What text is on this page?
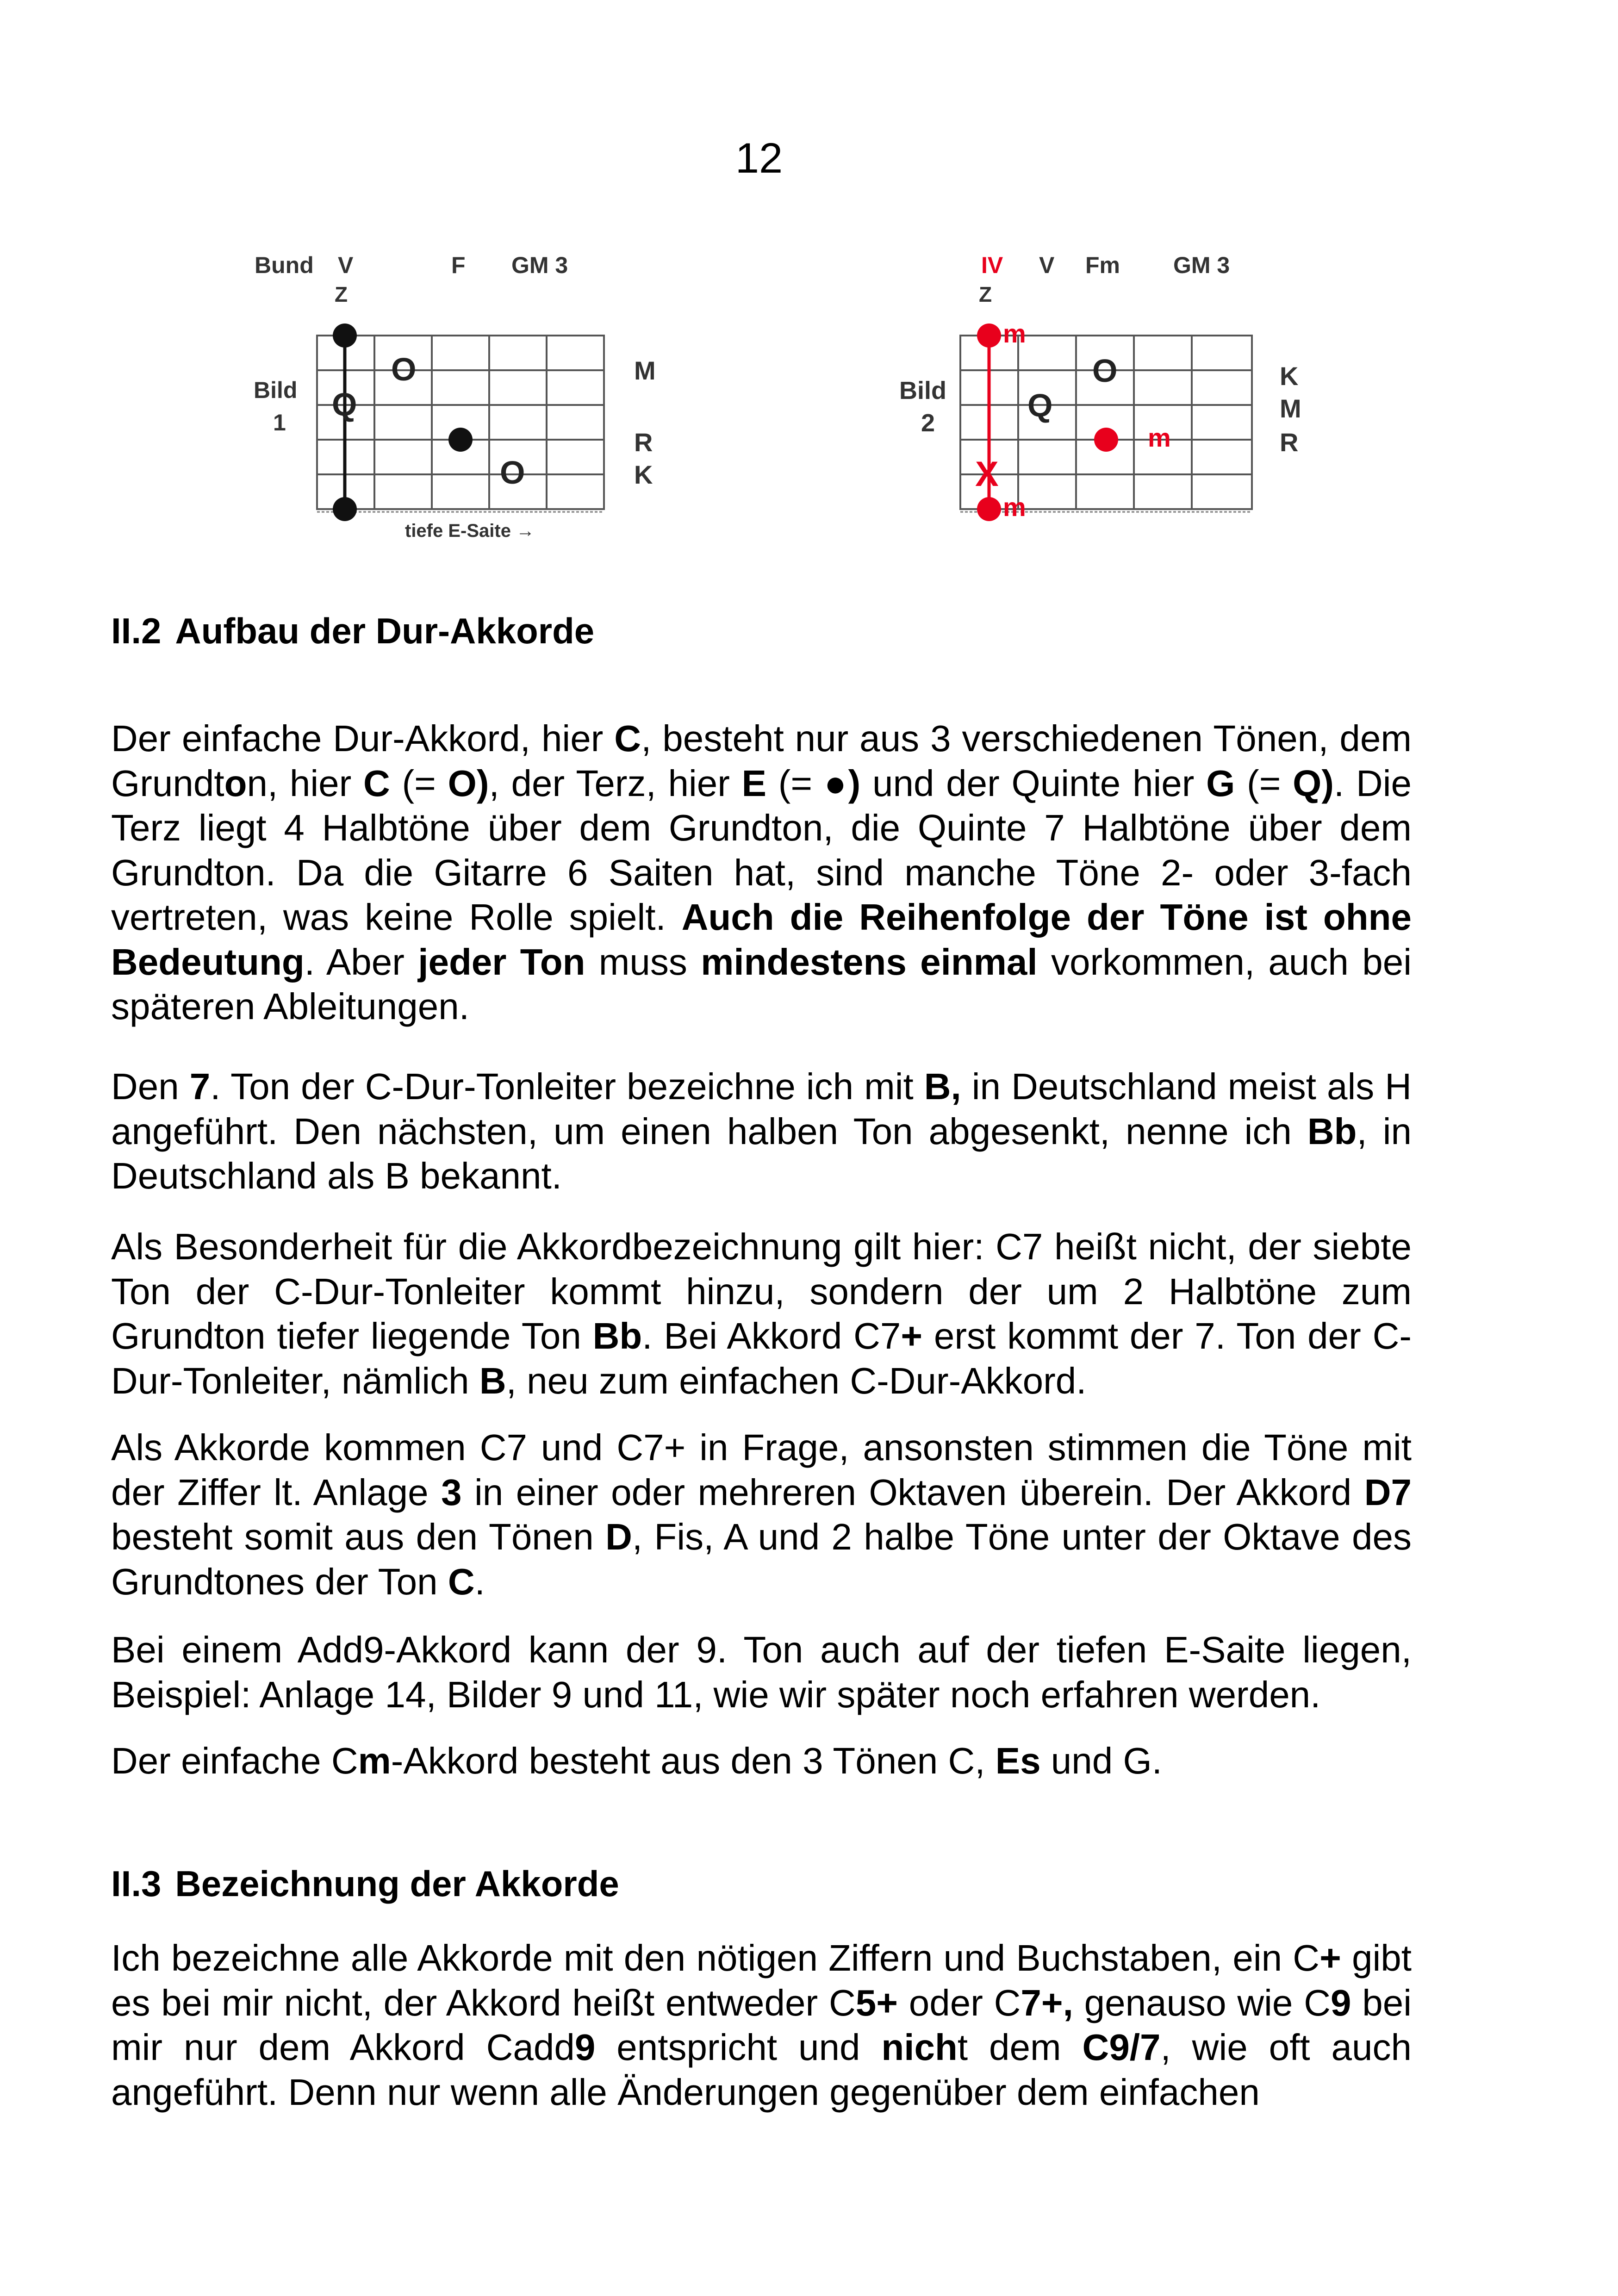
12
Bund V	F GM 3
Z
Bild
1
O
Q
O
M
R
K
tiefe E-Saite →
IV V Fm GM 3
Z
Bild
2
m
O
Q
m
X
m
K
M
R
II.2 Aufbau der Dur-Akkorde
Der einfache Dur-Akkord, hier C, besteht nur aus 3 verschiedenen Tönen, dem Grundton, hier C (= O), der Terz, hier E (= ●) und der Quinte hier G (= Q). Die Terz liegt 4 Halbtöne über dem Grundton, die Quinte 7 Halbtöne über dem Grundton. Da die Gitarre 6 Saiten hat, sind manche Töne 2- oder 3-fach vertreten, was keine Rolle spielt. Auch die Reihenfolge der Töne ist ohne Bedeutung. Aber jeder Ton muss mindestens einmal vorkommen, auch bei späteren Ableitungen.
Den 7. Ton der C-Dur-Tonleiter bezeichne ich mit B, in Deutschland meist als H angeführt. Den nächsten, um einen halben Ton abgesenkt, nenne ich Bb, in Deutschland als B bekannt.
Als Besonderheit für die Akkordbezeichnung gilt hier: C7 heißt nicht, der siebte Ton der C-Dur-Tonleiter kommt hinzu, sondern der um 2 Halbtöne zum Grundton tiefer liegende Ton Bb. Bei Akkord C7+ erst kommt der 7. Ton der C-Dur-Tonleiter, nämlich B, neu zum einfachen C-Dur-Akkord.
Als Akkorde kommen C7 und C7+ in Frage, ansonsten stimmen die Töne mit der Ziffer lt. Anlage 3 in einer oder mehreren Oktaven überein. Der Akkord D7 besteht somit aus den Tönen D, Fis, A und 2 halbe Töne unter der Oktave des Grundtones der Ton C.
Bei einem Add9-Akkord kann der 9. Ton auch auf der tiefen E-Saite liegen, Beispiel: Anlage 14, Bilder 9 und 11, wie wir später noch erfahren werden.
Der einfache Cm-Akkord besteht aus den 3 Tönen C, Es und G.
II.3 Bezeichnung der Akkorde
Ich bezeichne alle Akkorde mit den nötigen Ziffern und Buchstaben, ein C+ gibt es bei mir nicht, der Akkord heißt entweder C5+ oder C7+, genauso wie C9 bei mir nur dem Akkord Cadd9 entspricht und nicht dem C9/7, wie oft auch angeführt. Denn nur wenn alle Änderungen gegenüber dem einfachen
